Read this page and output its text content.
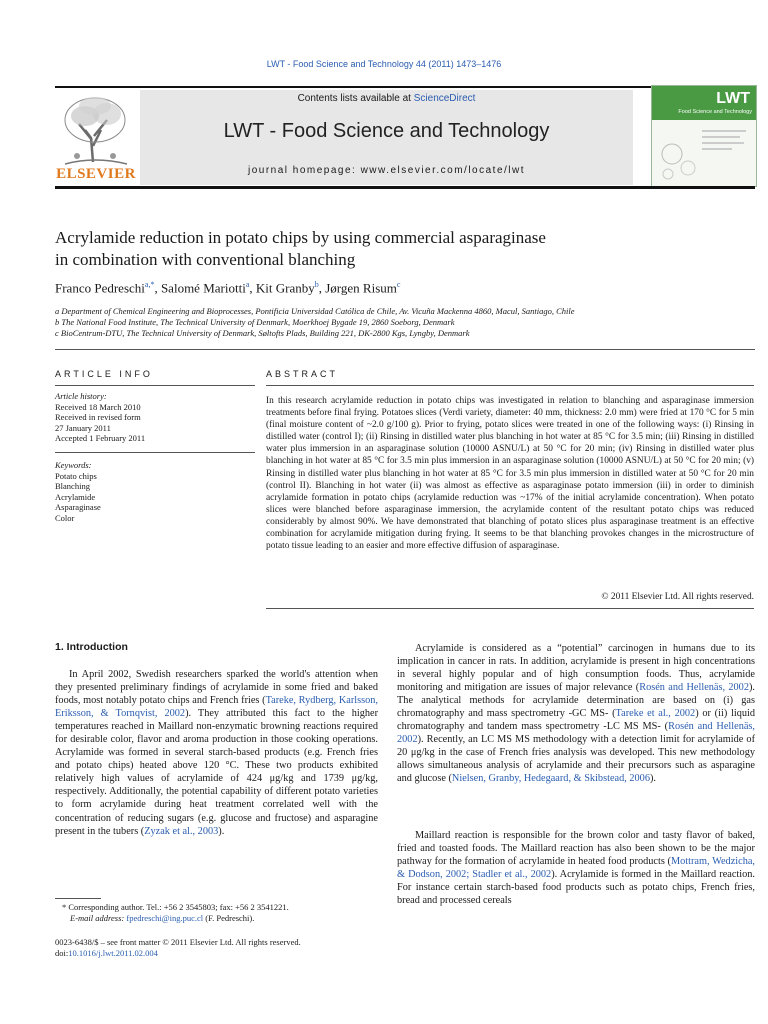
LWT - Food Science and Technology 44 (2011) 1473–1476
ELSEVIER
Contents lists available at ScienceDirect
LWT - Food Science and Technology
journal homepage: www.elsevier.com/locate/lwt
LWT
Food Science and Technology
Acrylamide reduction in potato chips by using commercial asparaginase
in combination with conventional blanching
Franco Pedreschi$^{a,*}$, Salomé Mariotti$^a$, Kit Granby$^b$, Jørgen Risum$^c$
a Department of Chemical Engineering and Bioprocesses, Pontificia Universidad Católica de Chile, Av. Vicuña Mackenna 4860, Macul, Santiago, Chile
b The National Food Institute, The Technical University of Denmark, Moerkhoej Bygade 19, 2860 Soeborg, Denmark
c BioCentrum-DTU, The Technical University of Denmark, Søltofts Plads, Building 221, DK-2800 Kgs, Lyngby, Denmark
ARTICLE INFO
Article history:
Received 18 March 2010
Received in revised form
27 January 2011
Accepted 1 February 2011
Keywords:
Potato chips
Blanching
Acrylamide
Asparaginase
Color
ABSTRACT
In this research acrylamide reduction in potato chips was investigated in relation to blanching and asparaginase immersion treatments before final frying. Potatoes slices (Verdi variety, diameter: 40 mm, thickness: 2.0 mm) were fried at 170 °C for 5 min (final moisture content of ~2.0 g/100 g). Prior to frying, potato slices were treated in one of the following ways: (i) Rinsing in distilled water (control I); (ii) Rinsing in distilled water plus blanching in hot water at 85 °C for 3.5 min; (iii) Rinsing in distilled water plus immersion in an asparaginase solution (10000 ASNU/L) at 50 °C for 20 min; (iv) Rinsing in distilled water plus blanching in hot water at 85 °C for 3.5 min plus immersion in an asparaginase solution (10000 ASNU/L) at 50 °C for 20 min; (v) Rinsing in distilled water plus blanching in hot water at 85 °C for 3.5 min plus immersion in distilled water at 50 °C for 20 min (control II). Blanching in hot water (ii) was almost as effective as asparaginase potato immersion (iii) in order to diminish acrylamide formation in potato chips (acrylamide reduction was ~17% of the initial acrylamide concentration). When potato slices were blanched before asparaginase immersion, the acrylamide content of the resultant potato chips was reduced considerably by almost 90%. We have demonstrated that blanching of potato slices plus asparaginase treatment is an effective combination for acrylamide mitigation during frying. It seems to be that blanching provokes changes in the microstructure of potato tissue leading to an easier and more effective diffusion of asparaginase.
© 2011 Elsevier Ltd. All rights reserved.
1. Introduction
In April 2002, Swedish researchers sparked the world's attention when they presented preliminary findings of acrylamide in some fried and baked foods, most notably potato chips and French fries (Tareke, Rydberg, Karlsson, Eriksson, & Tornqvist, 2002). They attributed this fact to the higher temperatures reached in Maillard non-enzymatic browning reactions required for desirable color, flavor and aroma production in those cooking operations. Acrylamide was formed in several starch-based products (e.g. French fries and potato chips) heated above 120 °C. These two products exhibited relatively high values of acrylamide of 424 μg/kg and 1739 μg/kg, respectively. Additionally, the potential capability of different potato varieties to form acrylamide during heat treatment correlated well with the concentration of reducing sugars (e.g. glucose and fructose) and asparagine present in the tubers (Zyzak et al., 2003).
Acrylamide is considered as a “potential” carcinogen in humans due to its implication in cancer in rats. In addition, acrylamide is present in high concentrations in several highly popular and of high consumption foods. Thus, acrylamide monitoring and mitigation are issues of major relevance (Rosén and Hellenäs, 2002). The analytical methods for acrylamide determination are based on (i) gas chromatography and mass spectrometry -GC MS- (Tareke et al., 2002) or (ii) liquid chromatography and tandem mass spectrometry -LC MS MS- (Rosén and Hellenäs, 2002). Recently, an LC MS MS methodology with a detection limit for acrylamide of 20 μg/kg in the case of French fries analysis was developed. This new methodology allows simultaneous analysis of acrylamide and their precursors such as asparagine and glucose (Nielsen, Granby, Hedegaard, & Skibstead, 2006).
Maillard reaction is responsible for the brown color and tasty flavor of baked, fried and toasted foods. The Maillard reaction has also been shown to be the major pathway for the formation of acrylamide in heated food products (Mottram, Wedzicha, & Dodson, 2002; Stadler et al., 2002). Acrylamide is formed in the Maillard reaction. For instance certain starch-based food products such as potato chips, French fries, bread and processed cereals
* Corresponding author. Tel.: +56 2 3545803; fax: +56 2 3541221.
E-mail address: fpedreschi@ing.puc.cl (F. Pedreschi).
0023-6438/$ – see front matter © 2011 Elsevier Ltd. All rights reserved.
doi:10.1016/j.lwt.2011.02.004
